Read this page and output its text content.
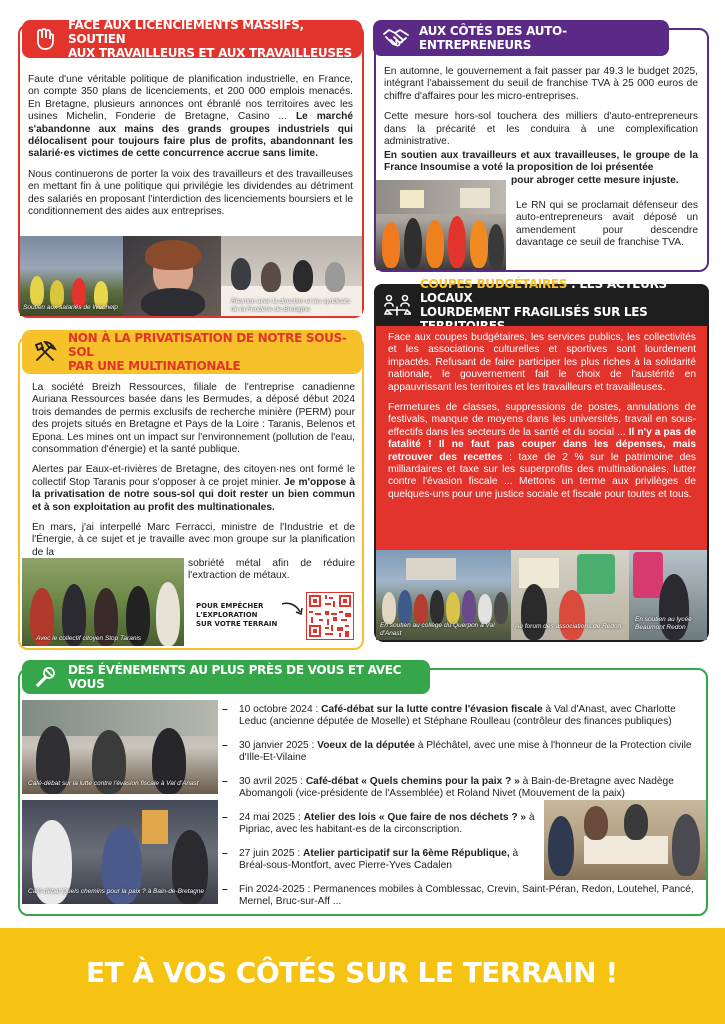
FACE AUX LICENCIEMENTS MASSIFS, SOUTIEN
AUX TRAVAILLEURS ET AUX TRAVAILLEUSES

Faute d'une véritable politique de planification industrielle, en France, on compte 350 plans de licenciements, et 200 000 emplois menacés. En Bretagne, plusieurs annonces ont ébranlé nos territoires avec les usines Michelin, Fonderie de Bretagne, Casino ... Le marché s'abandonne aux mains des grands groupes industriels qui délocalisent pour toujours faire plus de profits, abandonnant les salarié·es victimes de cette concurrence accrue sans limite.

Nous continuerons de porter la voix des travailleurs et des travailleuses en mettant fin à une politique qui privilégie les dividendes au détriment des salariés en proposant l'interdiction des licenciements boursiers et le conditionnement des aides aux entreprises.

Soutien aux salariés de Webhelp
Réunion avec la direction et les syndicats de la Fonderie de Bretagne
AUX CÔTÉS DES AUTO-ENTREPRENEURS

En automne, le gouvernement a fait passer par 49.3 le budget 2025, intégrant l'abaissement du seuil de franchise TVA à 25 000 euros de chiffre d'affaires pour les micro-entreprises.

Cette mesure hors-sol touchera des milliers d'auto-entrepreneurs dans la précarité et les conduira à une complexification administrative.

En soutien aux travailleurs et aux travailleuses, le groupe de la France Insoumise a voté la proposition de loi présentée
pour abroger cette mesure injuste.
Le RN qui se proclamait défenseur des auto-entrepreneurs avait déposé un amendement pour descendre davantage ce seuil de franchise TVA.
NON À LA PRIVATISATION DE NOTRE SOUS-SOL
PAR UNE MULTINATIONALE

La société Breizh Ressources, filiale de l'entreprise canadienne Auriana Ressources basée dans les Bermudes, a déposé début 2024 trois demandes de permis exclusifs de recherche minière (PERM) pour des projets situés en Bretagne et Pays de la Loire : Taranis, Belenos et Epona. Les mines ont un impact sur l'environnement (pollution de l'eau, consommation d'énergie) et la santé publique.

Alertes par Eaux-et-rivières de Bretagne, des citoyen·nes ont formé le collectif Stop Taranis pour s'opposer à ce projet minier. Je m'oppose à la privatisation de notre sous-sol qui doit rester un bien commun et à son exploitation au profit des multinationales.

En mars, j'ai interpellé Marc Ferracci, ministre de l'Industrie et de l'Énergie, à ce sujet et je travaille avec mon groupe sur la planification de la

sobriété métal afin de réduire l'extraction de métaux.
Avec le collectif citoyen Stop Taranis
POUR EMPÊCHER
L'EXPLORATION
SUR VOTRE TERRAIN
COUPES BUDGÉTAIRES : LES ACTEURS LOCAUX
LOURDEMENT FRAGILISÉS SUR LES

Face aux coupes budgétaires, les services publics, les collectivités et les associations culturelles et sportives sont lourdement impactés. Refusant de faire participer les plus riches à la solidarité nationale, le gouvernement fait le choix de l'austérité en appauvrissant les territoires et les travailleurs et travailleuses.

Fermetures de classes, suppressions de postes, annulations de festivals, manque de moyens dans les universités, travail en sous-effectifs dans les secteurs de la santé et du social ... Il n'y a pas de fatalité ! Il ne faut pas couper dans les dépenses, mais retrouver des recettes : taxe de 2 % sur le patrimoine des milliardaires et taxe sur les superprofits des multinationales, lutter contre l'évasion fiscale ... Mettons un terme aux privilèges de quelques-uns pour une justice sociale et fiscale pour toutes et tous.

En soutien au collège du Querpon à Val d'Anast
Au forum des associations de Redon
En soutien au lycée Beaumont Redon
DES ÉVÉNEMENTS AU PLUS PRÈS DE VOUS ET AVEC VOUS
Café-débat sur la lutte contre l'évasion fiscale à Val d'Anast
Café-débat Quels chemins pour la paix ? à Bain-de-Bretagne
– 10 octobre 2024 : Café-débat sur la lutte contre l'évasion fiscale à Val d'Anast, avec Charlotte Leduc (ancienne députée de Moselle) et Stéphane Roulleau (contrôleur des finances publiques)
– 30 janvier 2025 : Voeux de la députée à Pléchâtel, avec une mise à l'honneur de la Protection civile d'Ille-Et-Vilaine
– 30 avril 2025 : Café-débat « Quels chemins pour la paix ? » à Bain-de-Bretagne avec Nadège Abomangoli (vice-présidente de l'Assemblée) et Roland Nivet (Mouvement de la paix)
– 24 mai 2025 : Atelier des lois « Que faire de nos déchets ? » à Pipriac, avec les habitant-es de la circonscription.
– 27 juin 2025 : Atelier participatif sur la 6ème République, à Bréal-sous-Montfort, avec Pierre-Yves Cadalen
– Fin 2024-2025 : Permanences mobiles à Comblessac, Crevin, Saint-Péran, Redon, Loutehel, Pancé, Mernel, Bruc-sur-Aff ...
ET À VOS CÔTÉS SUR LE TERRAIN !
